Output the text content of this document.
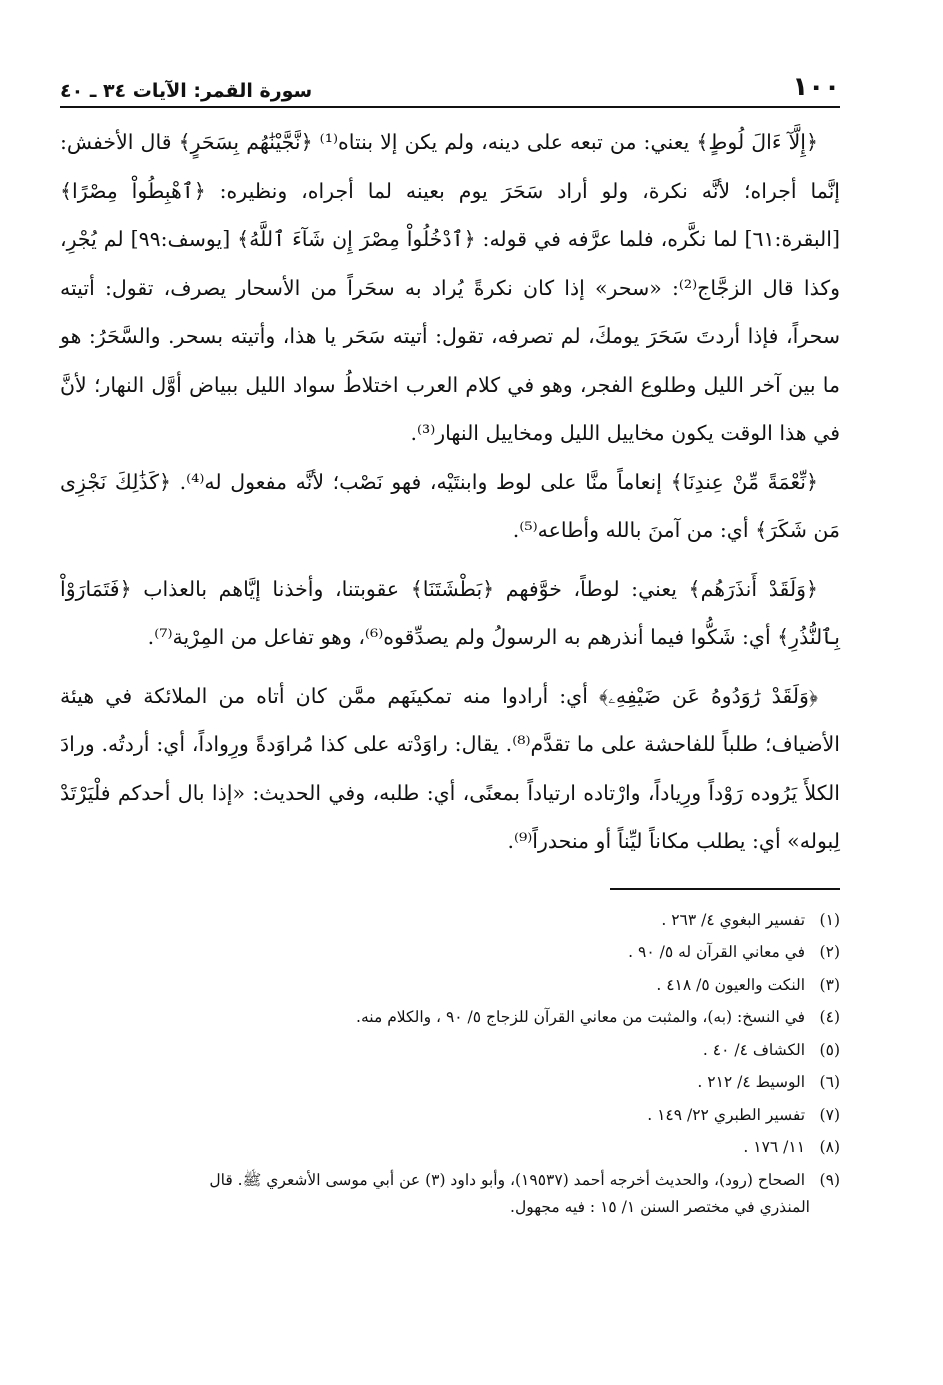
١٠٠
سورة القمر: الآيات ٣٤ ـ ٤٠

﴿إِلَّآ ءَالَ لُوطٍ﴾ يعني: من تبعه على دينه، ولم يكن إلا بنتاه⁽¹⁾ ﴿نَّجَّيْنَٰهُم بِسَحَرٍ﴾ قال الأخفش: إنَّما أجراه؛ لأنَّه نكرة، ولو أراد سَحَرَ يوم بعينه لما أجراه، ونظيره: ﴿ٱهْبِطُواْ مِصْرًا﴾ [البقرة:٦١] لما نكَّره، فلما عرَّفه في قوله: ﴿ٱدْخُلُواْ مِصْرَ إِن شَآءَ ٱللَّهُ﴾ [يوسف:٩٩] لم يُجْرِ، وكذا قال الزجَّاج⁽²⁾: «سحر» إذا كان نكرةً يُراد به سحَراً من الأسحار يصرف، تقول: أتيته سحراً، فإذا أردتَ سَحَرَ يومكَ، لم تصرفه، تقول: أتيته سَحَر يا هذا، وأتيته بسحر. والسَّحَرُ: هو ما بين آخر الليل وطلوع الفجر، وهو في كلام العرب اختلاطُ سواد الليل ببياض أوَّل النهار؛ لأنَّ في هذا الوقت يكون مخاييل الليل ومخاييل النهار⁽³⁾.

﴿نِّعْمَةً مِّنْ عِندِنَا﴾ إنعاماً منَّا على لوط وابنتَيْه، فهو نَصْب؛ لأنَّه مفعول له⁽⁴⁾. ﴿كَذَٰلِكَ نَجْزِى مَن شَكَرَ﴾ أي: من آمنَ بالله وأطاعه⁽⁵⁾.

﴿وَلَقَدْ أَنذَرَهُم﴾ يعني: لوطاً، خوَّفهم ﴿بَطْشَتَنَا﴾ عقوبتنا، وأخذنا إيَّاهم بالعذاب ﴿فَتَمَارَوْاْ بِٱلنُّذُرِ﴾ أي: شَكُّوا فيما أنذرهم به الرسولُ ولم يصدِّقوه⁽⁶⁾، وهو تفاعل من المِرْية⁽⁷⁾.

﴿وَلَقَدْ رَٰوَدُوهُ عَن ضَيْفِهِۦ﴾ أي: أرادوا منه تمكينَهم ممَّن كان أتاه من الملائكة في هيئة الأضياف؛ طلباً للفاحشة على ما تقدَّم⁽⁸⁾. يقال: راوَدْته على كذا مُراوَدةً ورِواداً، أي: أردتُه. ورادَ الكلأَ يَرُوده رَوْداً ورِياداً، وارْتاده ارتياداً بمعنًى، أي: طلبه، وفي الحديث: «إذا بال أحدكم فلْيَرْتَدْ لِبوله» أي: يطلب مكاناً ليِّناً أو منحدراً⁽⁹⁾.

(١) تفسير البغوي ٤/ ٢٦٣ .

(٢) في معاني القرآن له ٥/ ٩٠ .

(٣) النكت والعيون ٥/ ٤١٨ .

(٤) في النسخ: (به)، والمثبت من معاني القرآن للزجاج ٥/ ٩٠ ، والكلام منه.

(٥) الكشاف ٤/ ٤٠ .

(٦) الوسيط ٤/ ٢١٢ .

(٧) تفسير الطبري ٢٢/ ١٤٩ .

(٨) ١١/ ١٧٦ .

(٩) الصحاح (رود)، والحديث أخرجه أحمد (١٩٥٣٧)، وأبو داود (٣) عن أبي موسى الأشعري ﷺ. قال

المنذري في مختصر السنن ١/ ١٥ : فيه مجهول.
